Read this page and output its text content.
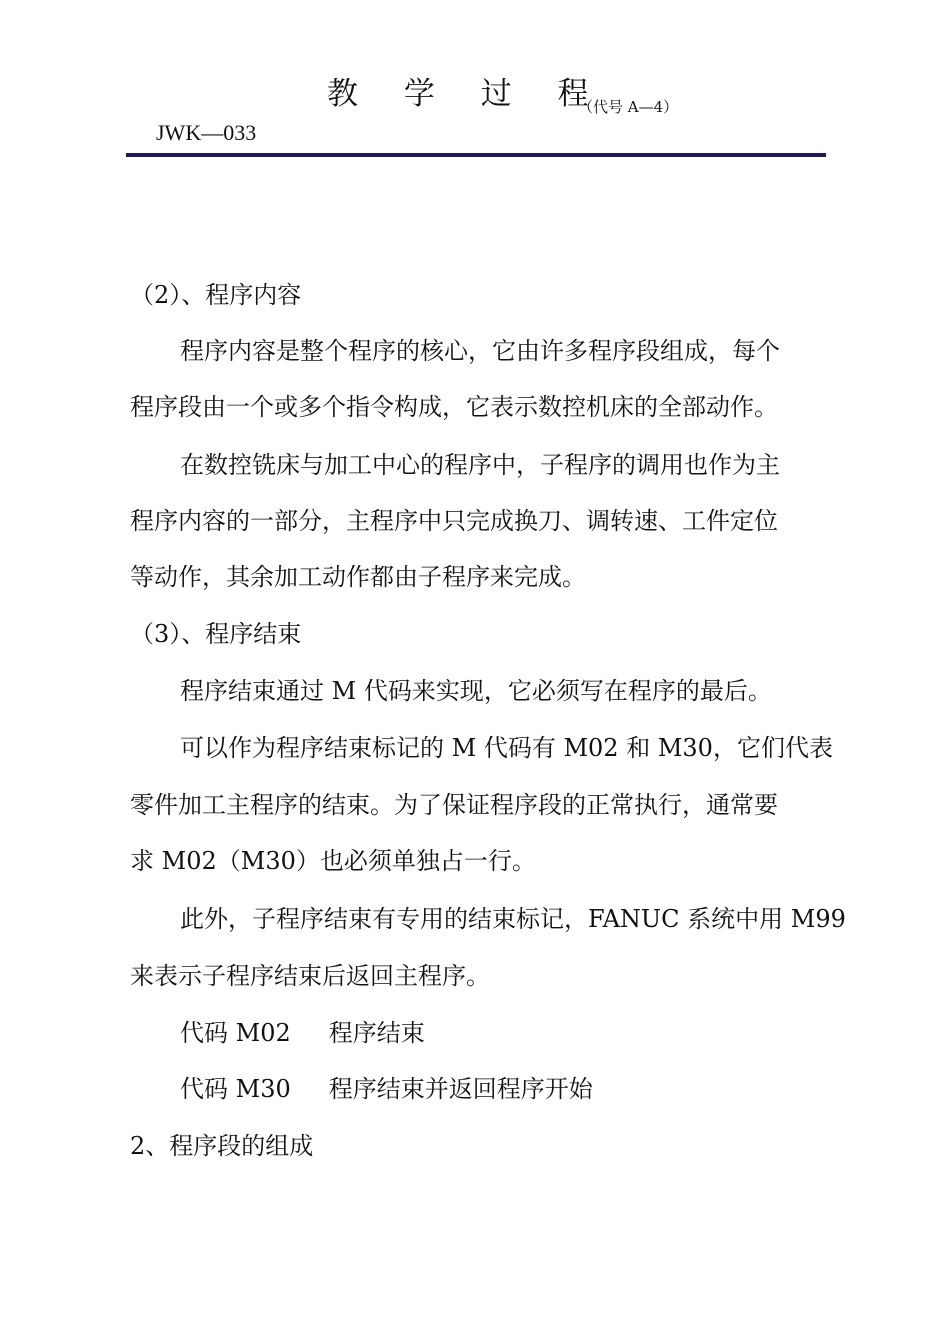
教 学 过 程
（代号 A—4）
JWK—033
（2）、程序内容
程序内容是整个程序的核心，它由许多程序段组成，每个
程序段由一个或多个指令构成，它表示数控机床的全部动作。
在数控铣床与加工中心的程序中，子程序的调用也作为主
程序内容的一部分，主程序中只完成换刀、调转速、工件定位
等动作，其余加工动作都由子程序来完成。
（3）、程序结束
程序结束通过 M 代码来实现，它必须写在程序的最后。
可以作为程序结束标记的 M 代码有 M02 和 M30，它们代表
零件加工主程序的结束。为了保证程序段的正常执行，通常要
求 M02（M30）也必须单独占一行。
此外，子程序结束有专用的结束标记，FANUC 系统中用 M99
来表示子程序结束后返回主程序。
代码 M02 程序结束
代码 M30 程序结束并返回程序开始
2、程序段的组成
